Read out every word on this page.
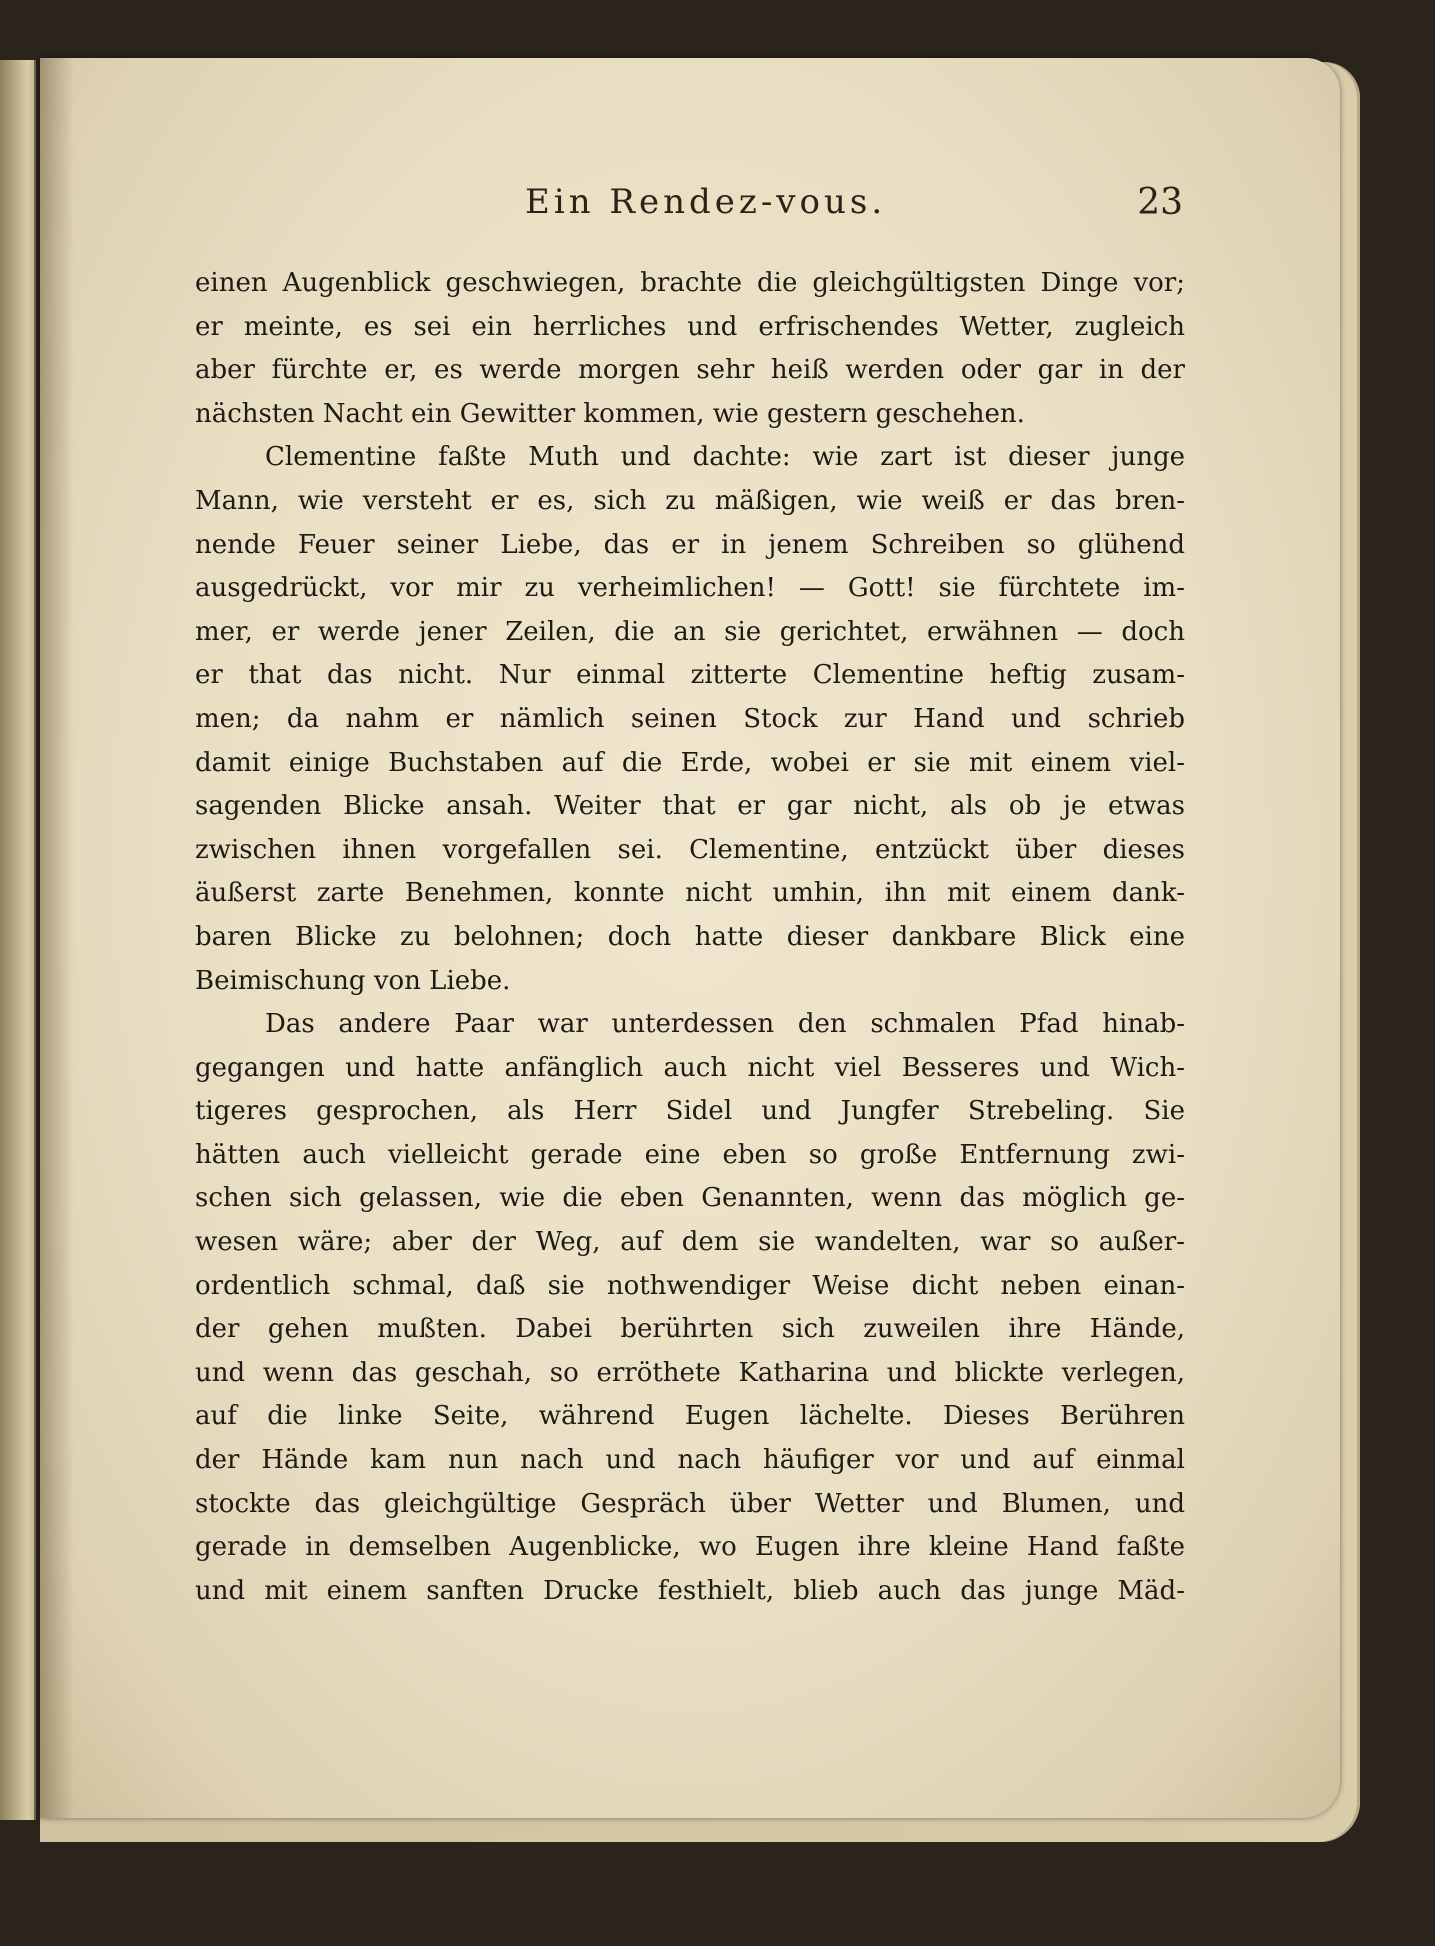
Ein Rendez-vous.	23
einen Augenblick geschwiegen, brachte die gleichgültigsten Dinge vor;
er meinte, es sei ein herrliches und erfrischendes Wetter, zugleich
aber fürchte er, es werde morgen sehr heiß werden oder gar in der
nächsten Nacht ein Gewitter kommen, wie gestern geschehen.
Clementine faßte Muth und dachte: wie zart ist dieser junge
Mann, wie versteht er es, sich zu mäßigen, wie weiß er das bren-
nende Feuer seiner Liebe, das er in jenem Schreiben so glühend
ausgedrückt, vor mir zu verheimlichen! — Gott! sie fürchtete im-
mer, er werde jener Zeilen, die an sie gerichtet, erwähnen — doch
er that das nicht. Nur einmal zitterte Clementine heftig zusam-
men; da nahm er nämlich seinen Stock zur Hand und schrieb
damit einige Buchstaben auf die Erde, wobei er sie mit einem viel-
sagenden Blicke ansah. Weiter that er gar nicht, als ob je etwas
zwischen ihnen vorgefallen sei. Clementine, entzückt über dieses
äußerst zarte Benehmen, konnte nicht umhin, ihn mit einem dank-
baren Blicke zu belohnen; doch hatte dieser dankbare Blick eine
Beimischung von Liebe.
Das andere Paar war unterdessen den schmalen Pfad hinab-
gegangen und hatte anfänglich auch nicht viel Besseres und Wich-
tigeres gesprochen, als Herr Sidel und Jungfer Strebeling. Sie
hätten auch vielleicht gerade eine eben so große Entfernung zwi-
schen sich gelassen, wie die eben Genannten, wenn das möglich ge-
wesen wäre; aber der Weg, auf dem sie wandelten, war so außer-
ordentlich schmal, daß sie nothwendiger Weise dicht neben einan-
der gehen mußten. Dabei berührten sich zuweilen ihre Hände,
und wenn das geschah, so erröthete Katharina und blickte verlegen,
auf die linke Seite, während Eugen lächelte. Dieses Berühren
der Hände kam nun nach und nach häufiger vor und auf einmal
stockte das gleichgültige Gespräch über Wetter und Blumen, und
gerade in demselben Augenblicke, wo Eugen ihre kleine Hand faßte
und mit einem sanften Drucke festhielt, blieb auch das junge Mäd-
